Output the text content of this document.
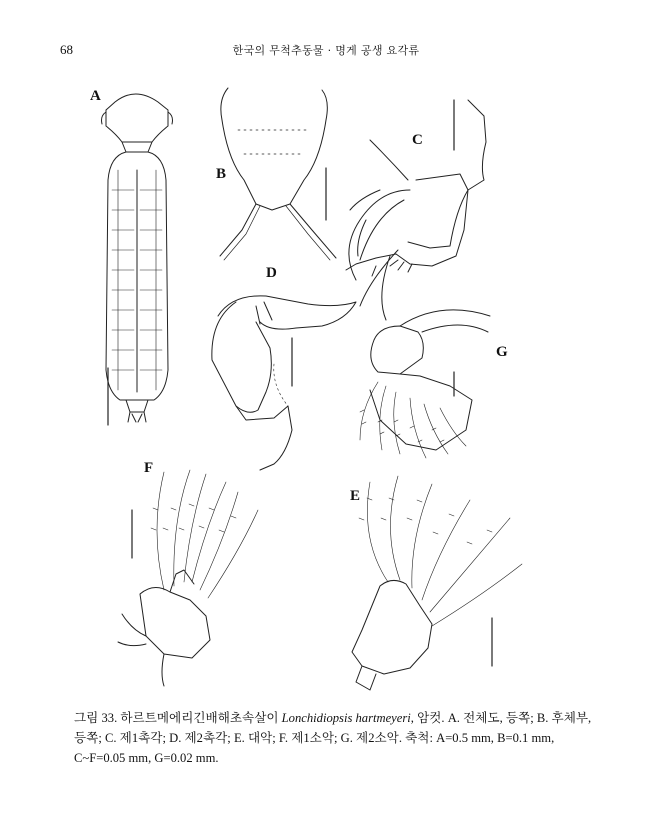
68	한국의 무척추동물 · 명게 공생 요각류
A
B
C
D
E
F
G
그림 33. 하르트메에리긴배해초속살이 Lonchidiopsis hartmeyeri, 암컷. A. 전체도, 등쪽; B. 후체부, 등쪽; C. 제1촉각; D. 제2촉각; E. 대악; F. 제1소악; G. 제2소악. 축척: A=0.5 mm, B=0.1 mm, C~F=0.05 mm, G=0.02 mm.
